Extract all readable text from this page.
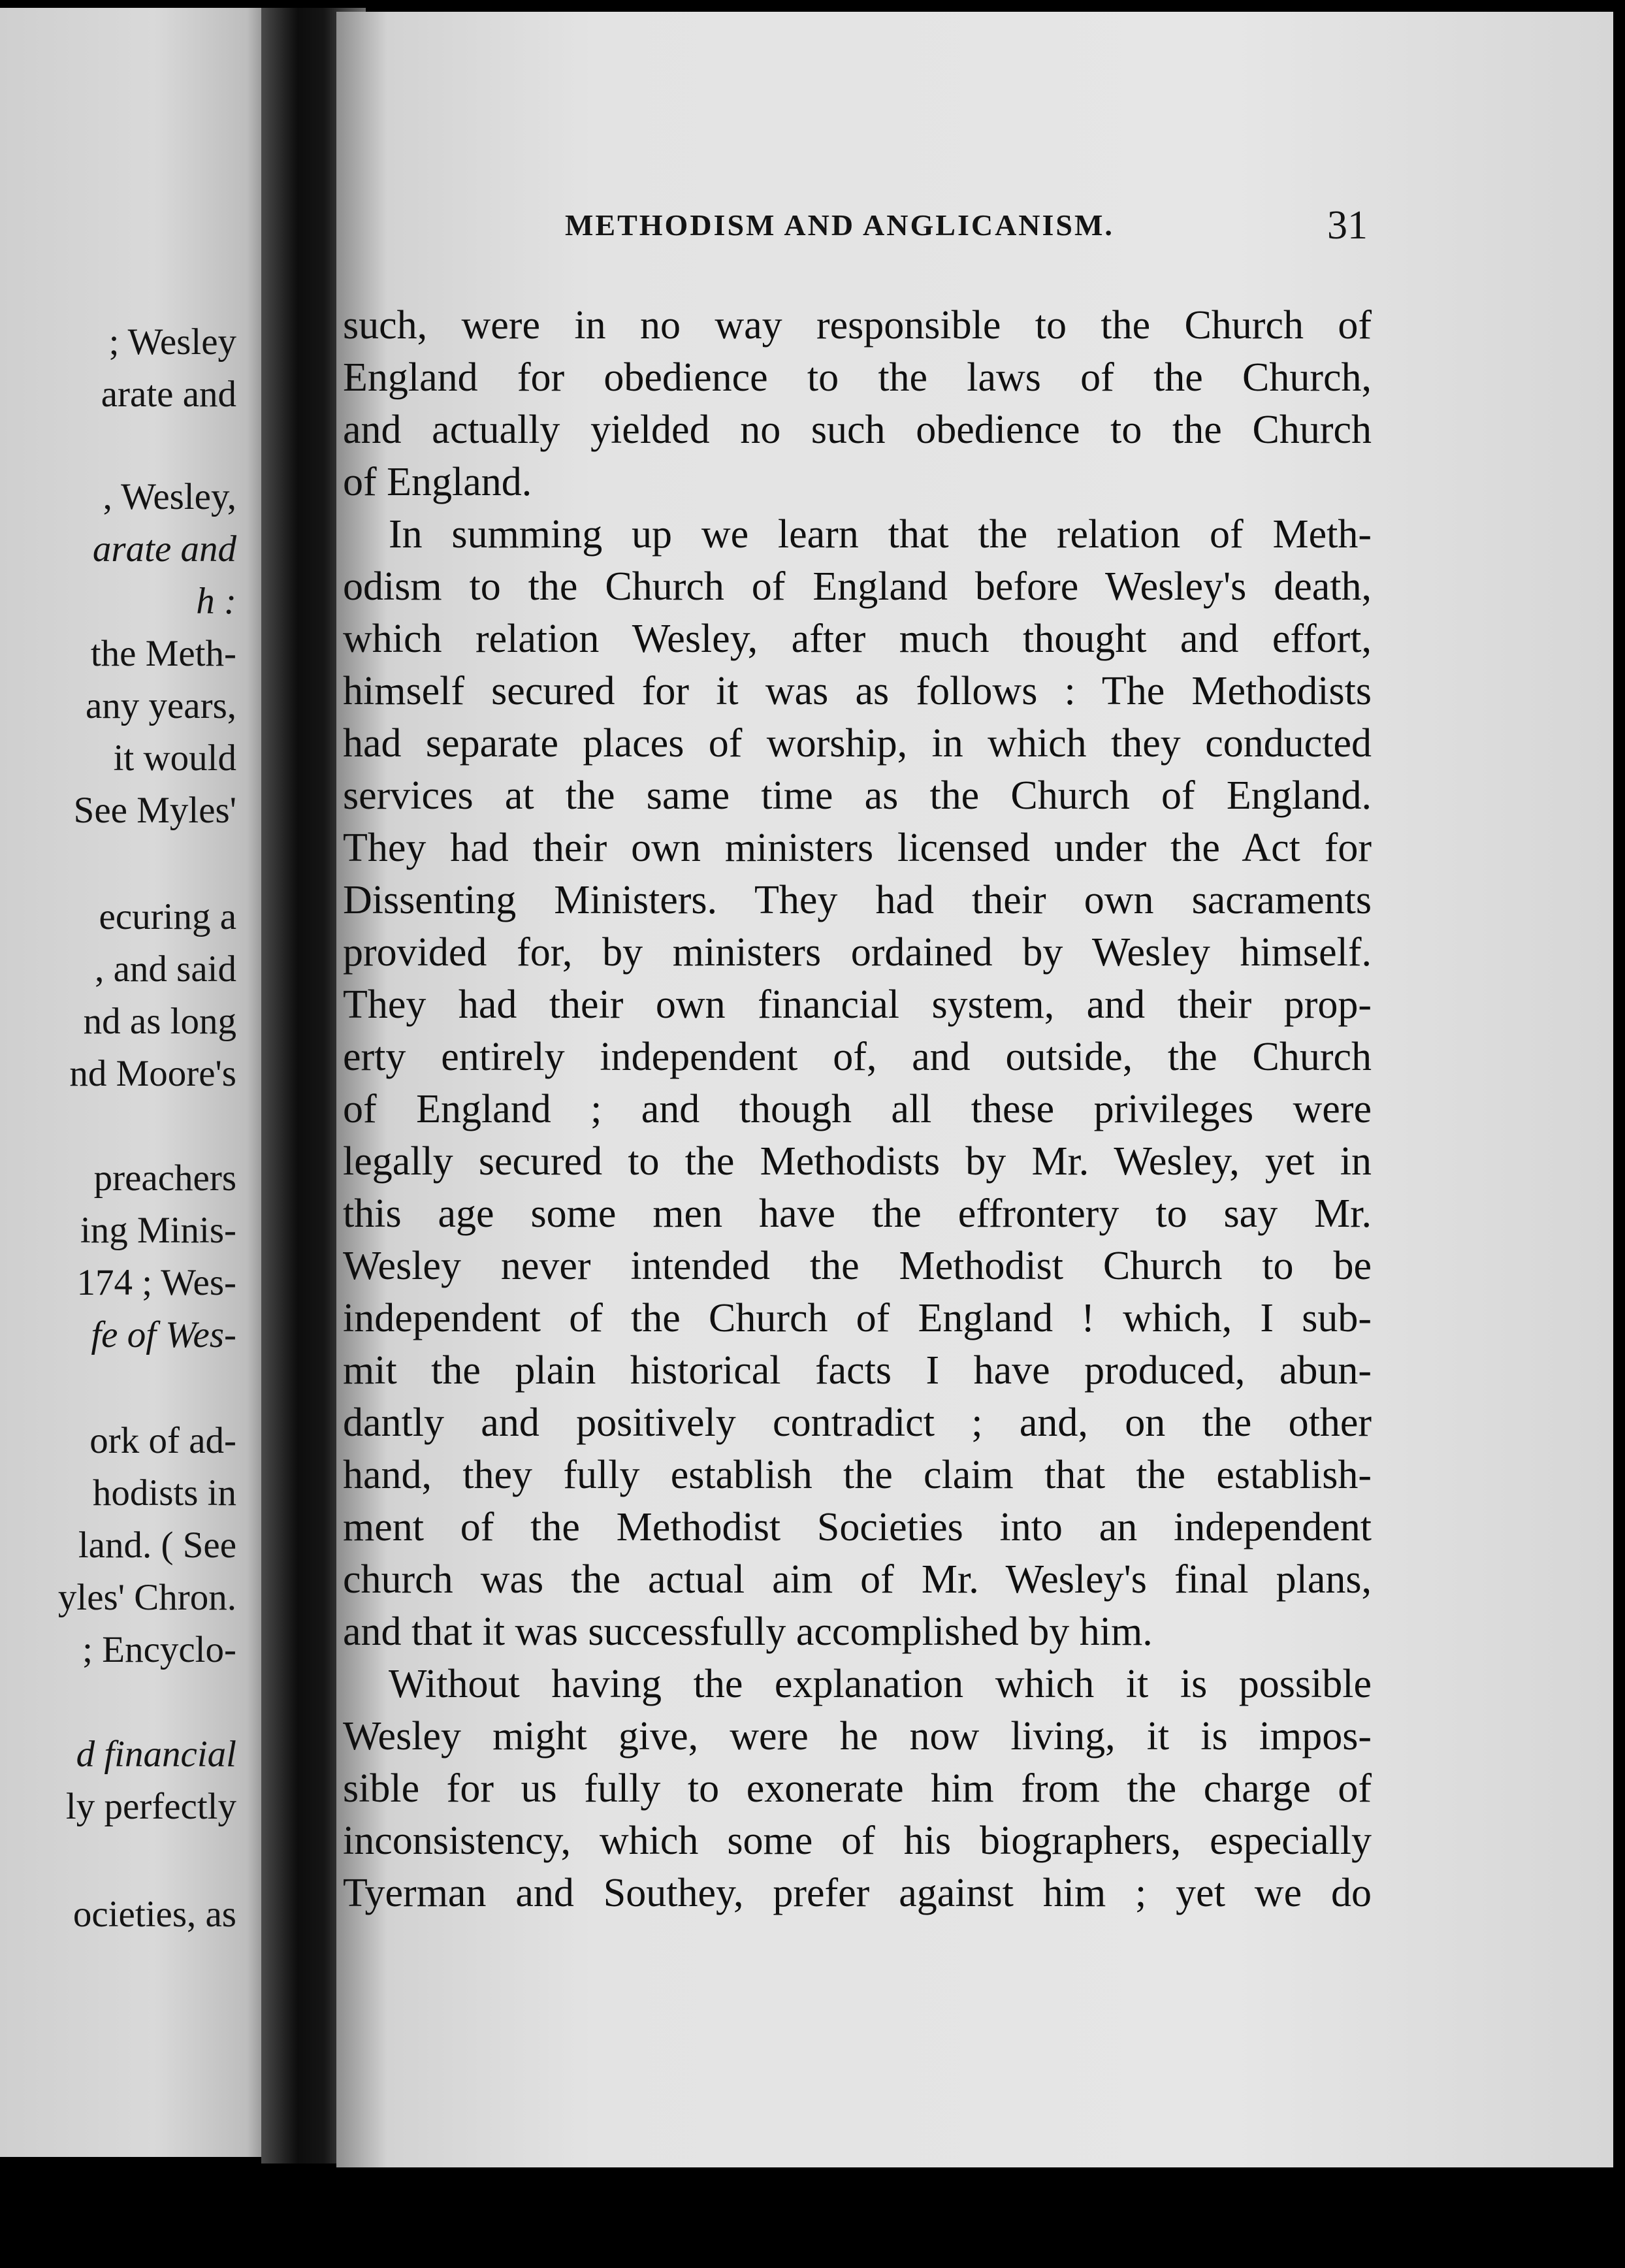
; Wesley
arate and
, Wesley,
arate and
h :
the Meth-
any years,
it would
See Myles'
ecuring a
, and said
nd as long
nd Moore's
preachers
ing Minis-
174 ; Wes-
fe of Wes-
ork of ad-
hodists in
land. ( See
yles' Chron.
; Encyclo-
d financial
ly perfectly
ocieties, as
METHODISM AND ANGLICANISM.	31
such, were in no way responsible to the Church of
England for obedience to the laws of the Church,
and actually yielded no such obedience to the Church
of England.
In summing up we learn that the relation of Meth-
odism to the Church of England before Wesley's death,
which relation Wesley, after much thought and effort,
himself secured for it was as follows : The Methodists
had separate places of worship, in which they conducted
services at the same time as the Church of England.
They had their own ministers licensed under the Act for
Dissenting Ministers. They had their own sacraments
provided for, by ministers ordained by Wesley himself.
They had their own financial system, and their prop-
erty entirely independent of, and outside, the Church
of England ; and though all these privileges were
legally secured to the Methodists by Mr. Wesley, yet in
this age some men have the effrontery to say Mr.
Wesley never intended the Methodist Church to be
independent of the Church of England ! which, I sub-
mit the plain historical facts I have produced, abun-
dantly and positively contradict ; and, on the other
hand, they fully establish the claim that the establish-
ment of the Methodist Societies into an independent
church was the actual aim of Mr. Wesley's final plans,
and that it was successfully accomplished by him.
Without having the explanation which it is possible
Wesley might give, were he now living, it is impos-
sible for us fully to exonerate him from the charge of
inconsistency, which some of his biographers, especially
Tyerman and Southey, prefer against him ; yet we do
